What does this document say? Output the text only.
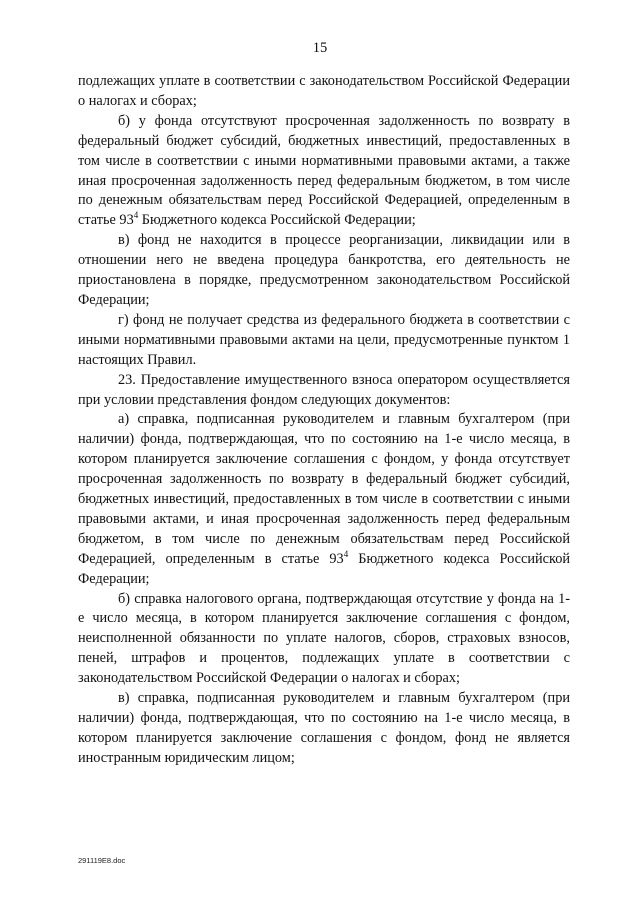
15

подлежащих уплате в соответствии с законодательством Российской Федерации о налогах и сборах;

б) у фонда отсутствуют просроченная задолженность по возврату в федеральный бюджет субсидий, бюджетных инвестиций, предоставленных в том числе в соответствии с иными нормативными правовыми актами, а также иная просроченная задолженность перед федеральным бюджетом, в том числе по денежным обязательствам перед Российской Федерацией, определенным в статье $93^4$ Бюджетного кодекса Российской Федерации;

в) фонд не находится в процессе реорганизации, ликвидации или в отношении него не введена процедура банкротства, его деятельность не приостановлена в порядке, предусмотренном законодательством Российской Федерации;

г) фонд не получает средства из федерального бюджета в соответствии с иными нормативными правовыми актами на цели, предусмотренные пунктом 1 настоящих Правил.

23. Предоставление имущественного взноса оператором осуществляется при условии представления фондом следующих документов:

а) справка, подписанная руководителем и главным бухгалтером (при наличии) фонда, подтверждающая, что по состоянию на 1-е число месяца, в котором планируется заключение соглашения с фондом, у фонда отсутствует просроченная задолженность по возврату в федеральный бюджет субсидий, бюджетных инвестиций, предоставленных в том числе в соответствии с иными правовыми актами, и иная просроченная задолженность перед федеральным бюджетом, в том числе по денежным обязательствам перед Российской Федерацией, определенным в статье $93^4$ Бюджетного кодекса Российской Федерации;

б) справка налогового органа, подтверждающая отсутствие у фонда на 1-е число месяца, в котором планируется заключение соглашения с фондом, неисполненной обязанности по уплате налогов, сборов, страховых взносов, пеней, штрафов и процентов, подлежащих уплате в соответствии с законодательством Российской Федерации о налогах и сборах;

в) справка, подписанная руководителем и главным бухгалтером (при наличии) фонда, подтверждающая, что по состоянию на 1-е число месяца, в котором планируется заключение соглашения с фондом, фонд не является иностранным юридическим лицом;

291119E8.doc
